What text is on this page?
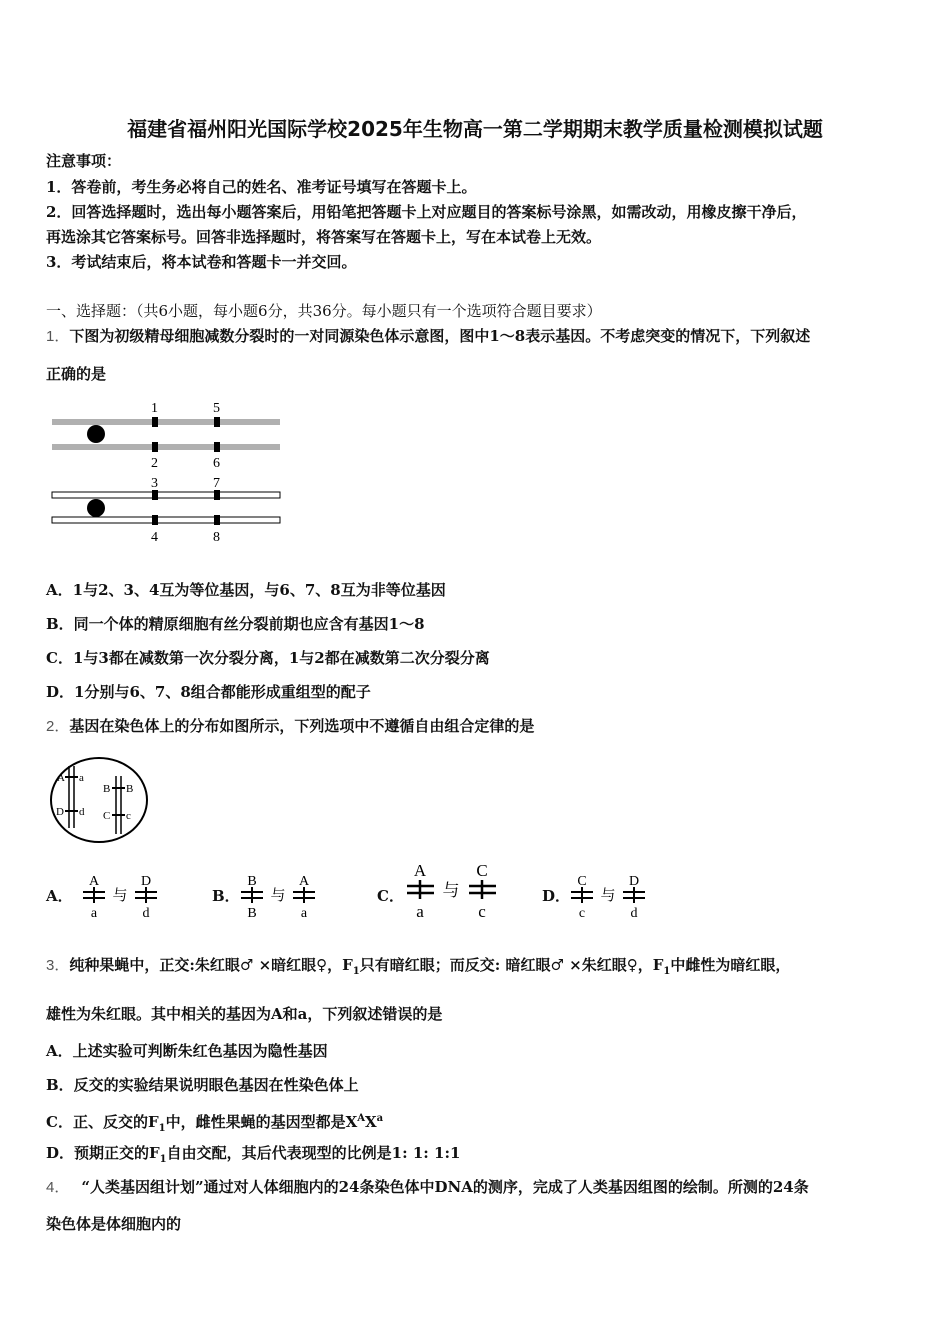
福建省福州阳光国际学校2025年生物高一第二学期期末教学质量检测模拟试题
注意事项：
1．答卷前，考生务必将自己的姓名、准考证号填写在答题卡上。
2．回答选择题时，选出每小题答案后，用铅笔把答题卡上对应题目的答案标号涂黑，如需改动，用橡皮擦干净后，
再选涂其它答案标号。回答非选择题时，将答案写在答题卡上，写在本试卷上无效。
3．考试结束后，将本试卷和答题卡一并交回。
一、选择题：（共6小题，每小题6分，共36分。每小题只有一个选项符合题目要求）
1．下图为初级精母细胞减数分裂时的一对同源染色体示意图，图中1～8表示基因。不考虑突变的情况下，下列叙述
正确的是
1	5
2	6
3	7
4	8
A．1与2、3、4互为等位基因，与6、7、8互为非等位基因
B．同一个体的精原细胞有丝分裂前期也应含有基因1～8
C．1与3都在减数第一次分裂分离，1与2都在减数第二次分裂分离
D．1分别与6、7、8组合都能形成重组型的配子
2．基因在染色体上的分布如图所示，下列选项中不遵循自由组合定律的是
A a
D d
B B
C c
A．
A
a
与
D
d
B．
B
B
与
A
a
C．
A
a
与
C
c
D．
C
c
与
D
d
3．纯种果蝇中，正交:朱红眼♂ ×暗红眼♀，$F_1$只有暗红眼；而反交: 暗红眼♂ ×朱红眼♀，$F_1$中雌性为暗红眼，
雄性为朱红眼。其中相关的基因为A和a，下列叙述错误的是
A．上述实验可判断朱红色基因为隐性基因
B．反交的实验结果说明眼色基因在性染色体上
C．正、反交的$F_1$中，雌性果蝇的基因型都是$X^AX^a$
D．预期正交的$F_1$自由交配，其后代表现型的比例是1: 1: 1:1
4． “人类基因组计划”通过对人体细胞内的24条染色体中DNA的测序，完成了人类基因组图的绘制。所测的24条
染色体是体细胞内的
